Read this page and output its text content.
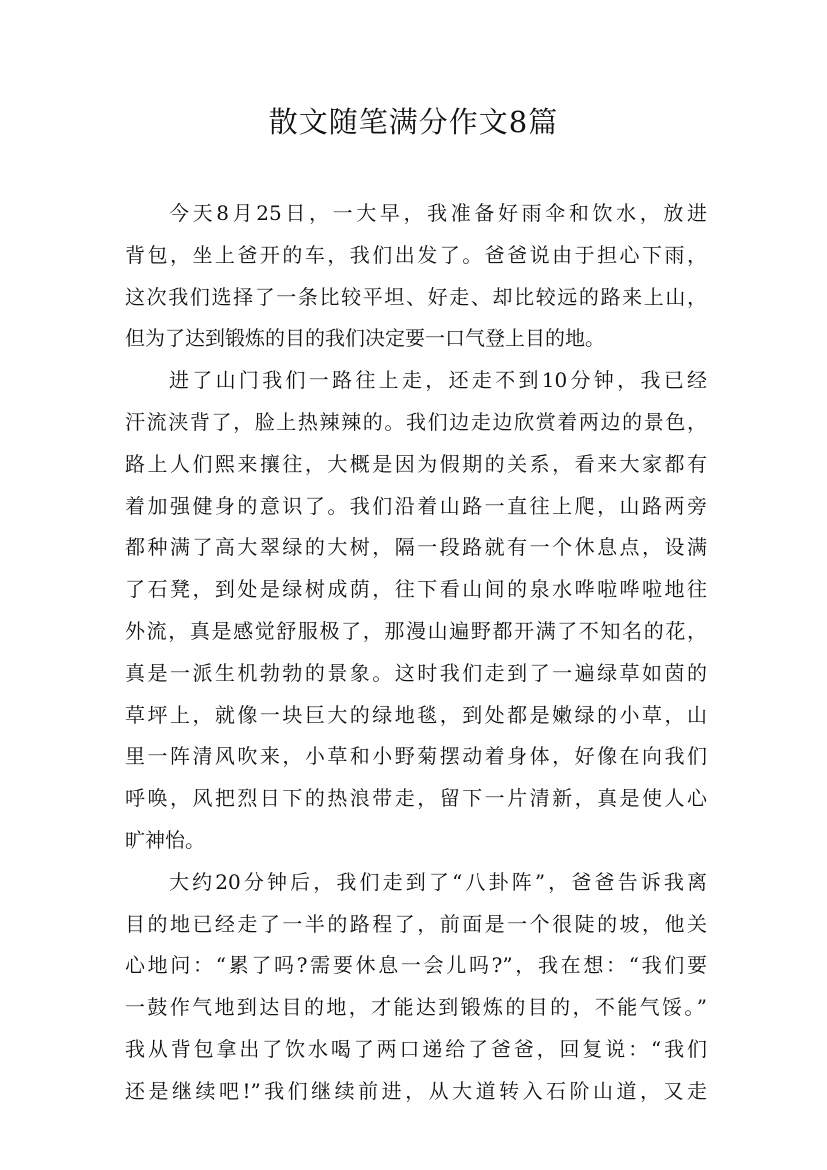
散文随笔满分作文8篇
今天8月25日，一大早，我准备好雨伞和饮水，放进
背包，坐上爸开的车，我们出发了。爸爸说由于担心下雨，
这次我们选择了一条比较平坦、好走、却比较远的路来上山，
但为了达到锻炼的目的我们决定要一口气登上目的地。
进了山门我们一路往上走，还走不到10分钟，我已经
汗流浃背了，脸上热辣辣的。我们边走边欣赏着两边的景色，
路上人们熙来攘往，大概是因为假期的关系，看来大家都有
着加强健身的意识了。我们沿着山路一直往上爬，山路两旁
都种满了高大翠绿的大树，隔一段路就有一个休息点，设满
了石凳，到处是绿树成荫，往下看山间的泉水哗啦哗啦地往
外流，真是感觉舒服极了，那漫山遍野都开满了不知名的花，
真是一派生机勃勃的景象。这时我们走到了一遍绿草如茵的
草坪上，就像一块巨大的绿地毯，到处都是嫩绿的小草，山
里一阵清风吹来，小草和小野菊摆动着身体，好像在向我们
呼唤，风把烈日下的热浪带走，留下一片清新，真是使人心
旷神怡。
大约20分钟后，我们走到了“八卦阵”，爸爸告诉我离
目的地已经走了一半的路程了，前面是一个很陡的坡，他关
心地问：“累了吗?需要休息一会儿吗?”，我在想：“我们要
一鼓作气地到达目的地，才能达到锻炼的目的，不能气馁。”
我从背包拿出了饮水喝了两口递给了爸爸，回复说：“我们
还是继续吧!”我们继续前进，从大道转入石阶山道，又走
